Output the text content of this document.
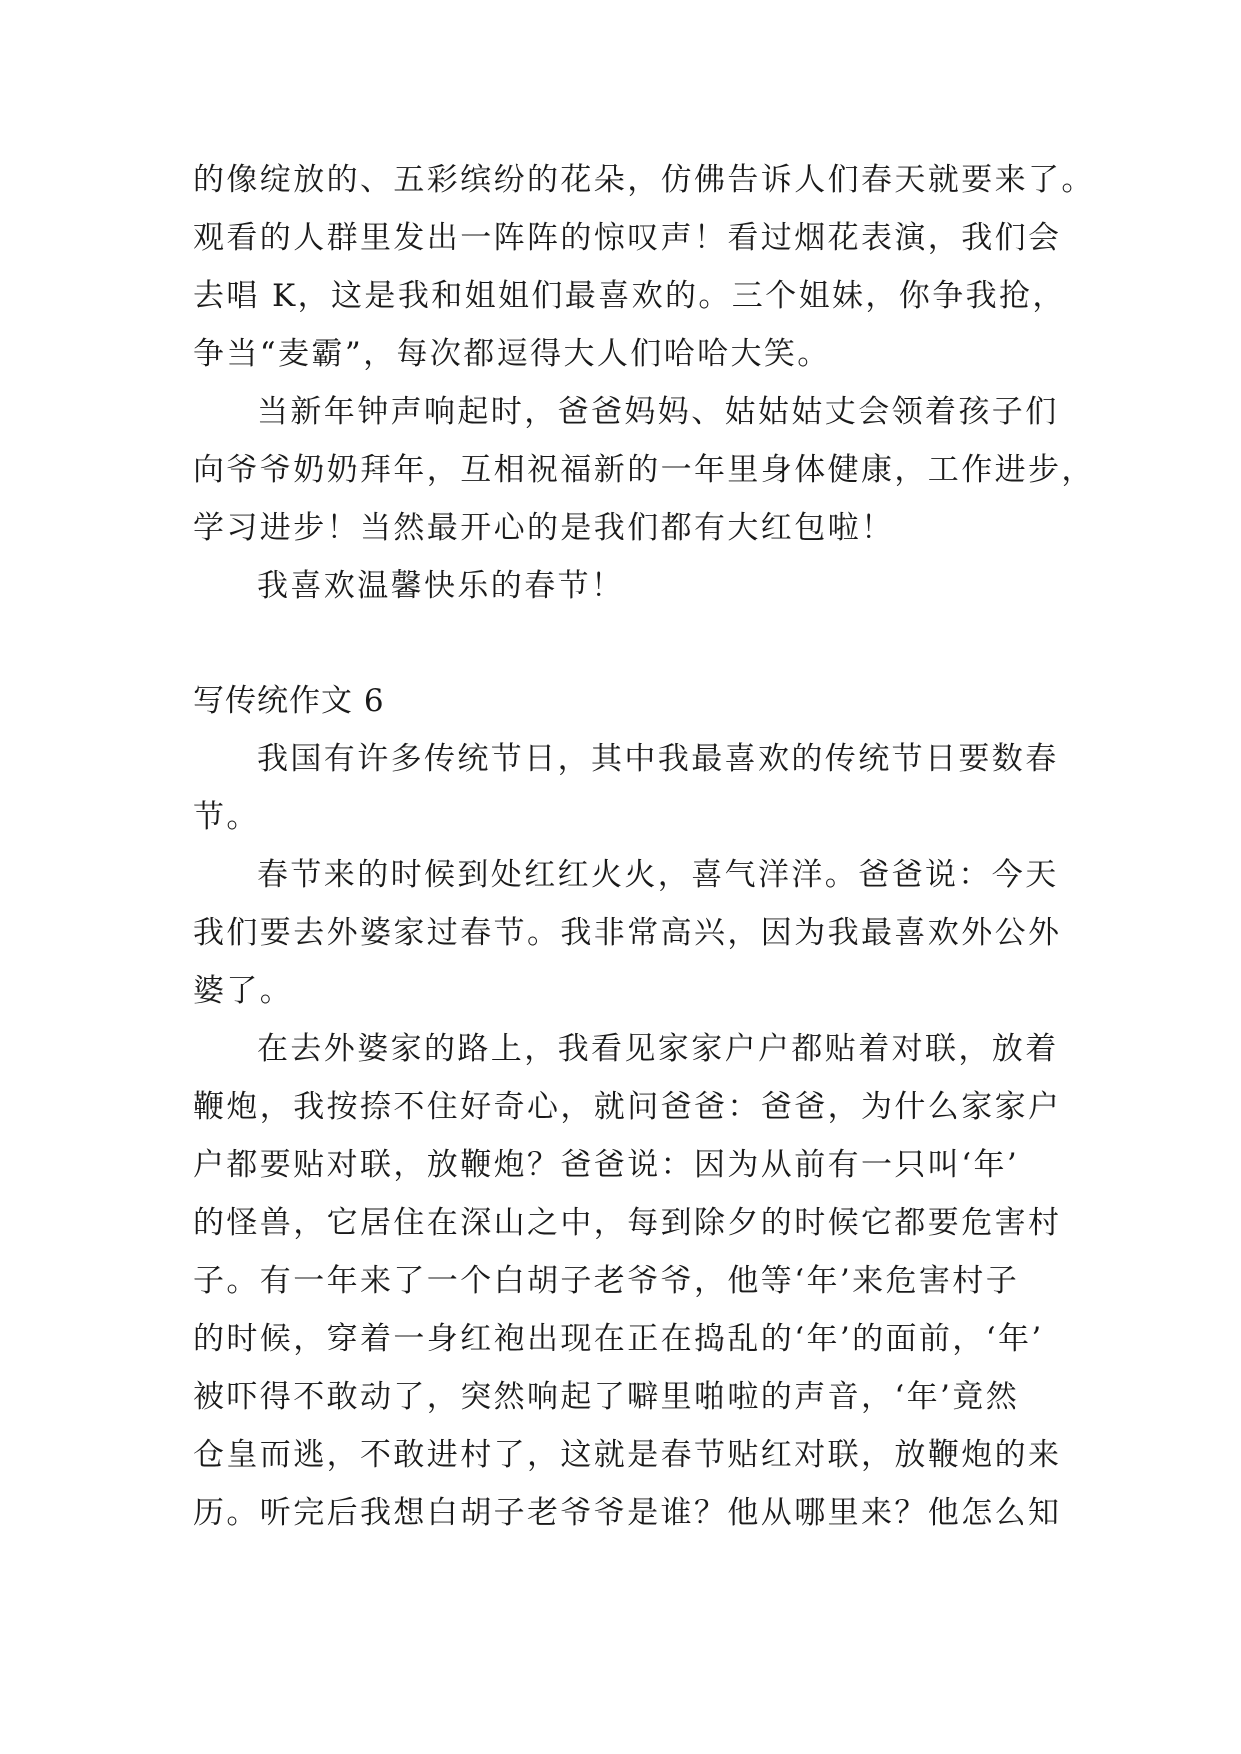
的像绽放的、五彩缤纷的花朵，仿佛告诉人们春天就要来了。
观看的人群里发出一阵阵的惊叹声！看过烟花表演，我们会
去唱 K，这是我和姐姐们最喜欢的。三个姐妹，你争我抢，
争当“麦霸”，每次都逗得大人们哈哈大笑。
当新年钟声响起时，爸爸妈妈、姑姑姑丈会领着孩子们
向爷爷奶奶拜年，互相祝福新的一年里身体健康，工作进步，
学习进步！当然最开心的是我们都有大红包啦！
我喜欢温馨快乐的春节！
写传统作文 6
我国有许多传统节日，其中我最喜欢的传统节日要数春
节。
春节来的时候到处红红火火，喜气洋洋。爸爸说：今天
我们要去外婆家过春节。我非常高兴，因为我最喜欢外公外
婆了。
在去外婆家的路上，我看见家家户户都贴着对联，放着
鞭炮，我按捺不住好奇心，就问爸爸：爸爸，为什么家家户
户都要贴对联，放鞭炮？爸爸说：因为从前有一只叫‘年’
的怪兽，它居住在深山之中，每到除夕的时候它都要危害村
子。有一年来了一个白胡子老爷爷，他等‘年’来危害村子
的时候，穿着一身红袍出现在正在捣乱的‘年’的面前，‘年’
被吓得不敢动了，突然响起了噼里啪啦的声音，‘年’竟然
仓皇而逃，不敢进村了，这就是春节贴红对联，放鞭炮的来
历。听完后我想白胡子老爷爷是谁？他从哪里来？他怎么知
